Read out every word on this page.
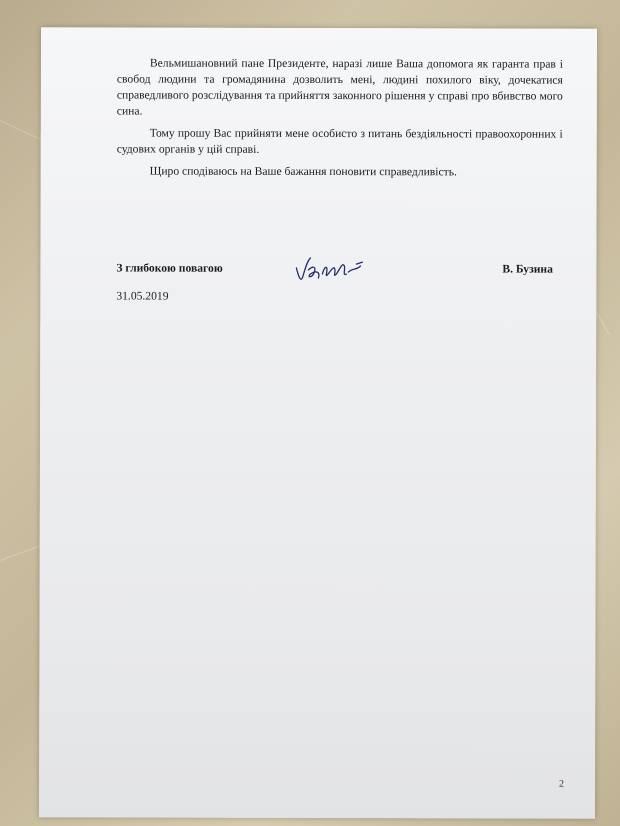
Вельмишановний пане Президенте, наразі лише Ваша допомога як гаранта прав і свобод людини та громадянина дозволить мені, людині похилого віку, дочекатися справедливого розслідування та прийняття законного рішення у справі про вбивство мого сина.

Тому прошу Вас прийняти мене особисто з питань бездіяльності правоохоронних і судових органів у цій справі.

Щиро сподіваюсь на Ваше бажання поновити справедливість.

З глибокою повагою	В. Бузина
31.05.2019
2
